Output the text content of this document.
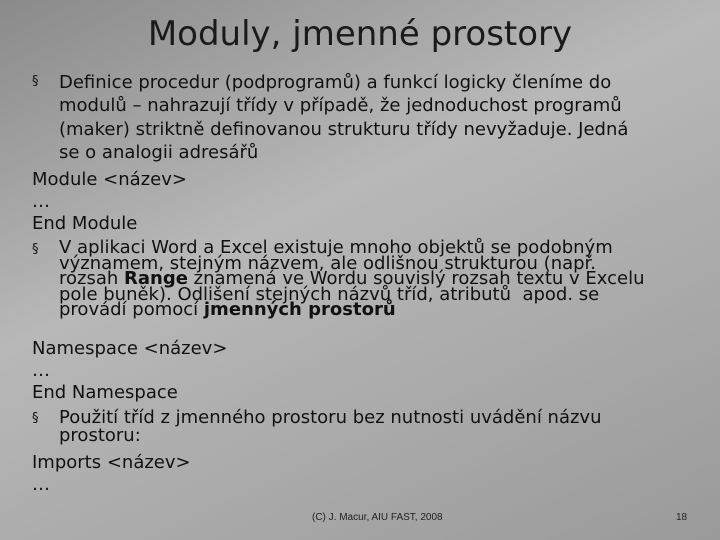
Moduly, jmenné prostory
§	Definice procedur (podprogramů) a funkcí logicky členíme do
modulů – nahrazují třídy v případě, že jednoduchost programů
(maker) striktně definovanou strukturu třídy nevyžaduje. Jedná
se o analogii adresářů
Module <název>
…
End Module
§	V aplikaci Word a Excel existuje mnoho objektů se podobným
významem, stejným názvem, ale odlišnou strukturou (např.
rozsah Range znamená ve Wordu souvislý rozsah textu v Excelu
pole buněk). Odlišení stejných názvů tříd, atributů  apod. se
provádí pomocí jmenných prostorů
Namespace <název>
…
End Namespace
§	Použití tříd z jmenného prostoru bez nutnosti uvádění názvu
prostoru:
Imports <název>
…
(C) J. Macur, AIU FAST, 2008	18
